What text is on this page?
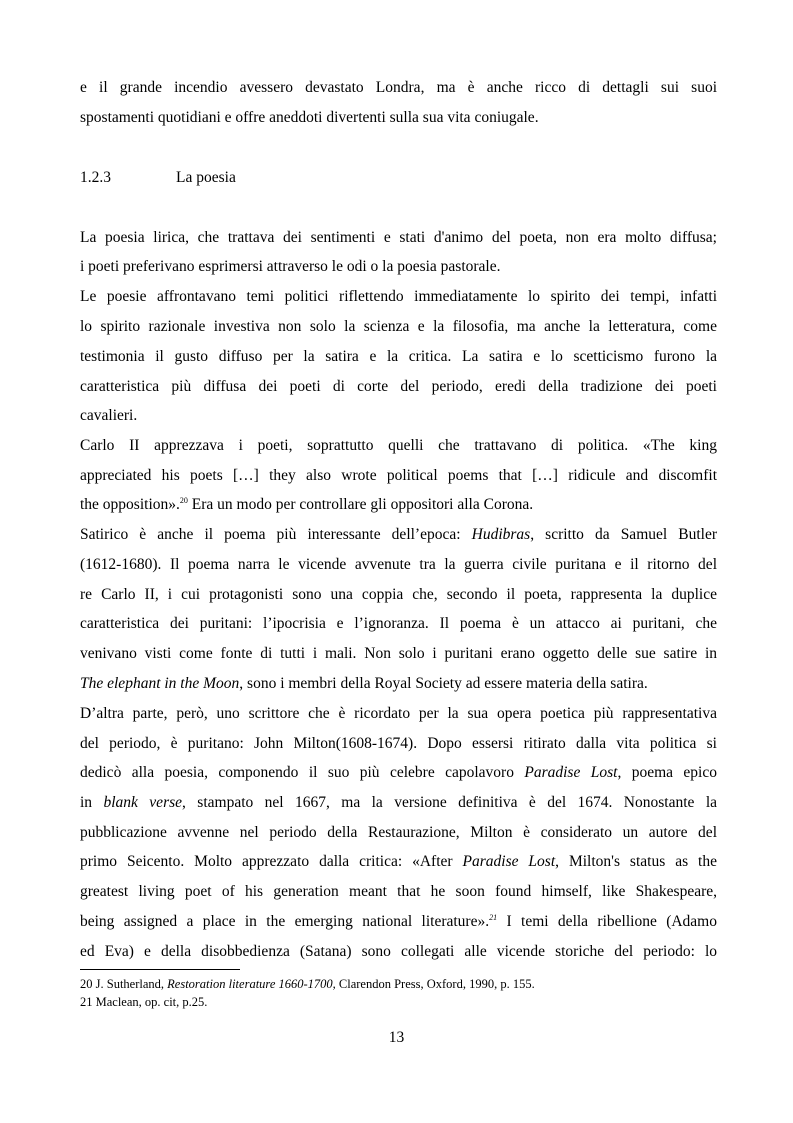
e il grande incendio avessero devastato Londra, ma è anche ricco di dettagli sui suoi
spostamenti quotidiani e offre aneddoti divertenti sulla sua vita coniugale.
1.2.3	La poesia
La poesia lirica, che trattava dei sentimenti e stati d'animo del poeta, non era molto diffusa;
i poeti preferivano esprimersi attraverso le odi o la poesia pastorale.
Le poesie affrontavano temi politici riflettendo immediatamente lo spirito dei tempi, infatti
lo spirito razionale investiva non solo la scienza e la filosofia, ma anche la letteratura, come
testimonia il gusto diffuso per la satira e la critica. La satira e lo scetticismo furono la
caratteristica più diffusa dei poeti di corte del periodo, eredi della tradizione dei poeti
cavalieri.
Carlo II apprezzava i poeti, soprattutto quelli che trattavano di politica. «The king
appreciated his poets […] they also wrote political poems that […] ridicule and discomfit
the opposition».$^{20}$ Era un modo per controllare gli oppositori alla Corona.
Satirico è anche il poema più interessante dell’epoca: Hudibras, scritto da Samuel Butler
(1612-1680). Il poema narra le vicende avvenute tra la guerra civile puritana e il ritorno del
re Carlo II, i cui protagonisti sono una coppia che, secondo il poeta, rappresenta la duplice
caratteristica dei puritani: l’ipocrisia e l’ignoranza. Il poema è un attacco ai puritani, che
venivano visti come fonte di tutti i mali. Non solo i puritani erano oggetto delle sue satire in
The elephant in the Moon, sono i membri della Royal Society ad essere materia della satira.
D’altra parte, però, uno scrittore che è ricordato per la sua opera poetica più rappresentativa
del periodo, è puritano: John Milton(1608-1674). Dopo essersi ritirato dalla vita politica si
dedicò alla poesia, componendo il suo più celebre capolavoro Paradise Lost, poema epico
in blank verse, stampato nel 1667, ma la versione definitiva è del 1674. Nonostante la
pubblicazione avvenne nel periodo della Restaurazione, Milton è considerato un autore del
primo Seicento. Molto apprezzato dalla critica: «After Paradise Lost, Milton's status as the
greatest living poet of his generation meant that he soon found himself, like Shakespeare,
being assigned a place in the emerging national literature».$^{21}$ I temi della ribellione (Adamo
ed Eva) e della disobbedienza (Satana) sono collegati alle vicende storiche del periodo: lo
20 J. Sutherland, Restoration literature 1660-1700, Clarendon Press, Oxford, 1990, p. 155.
21 Maclean, op. cit, p.25.
13
